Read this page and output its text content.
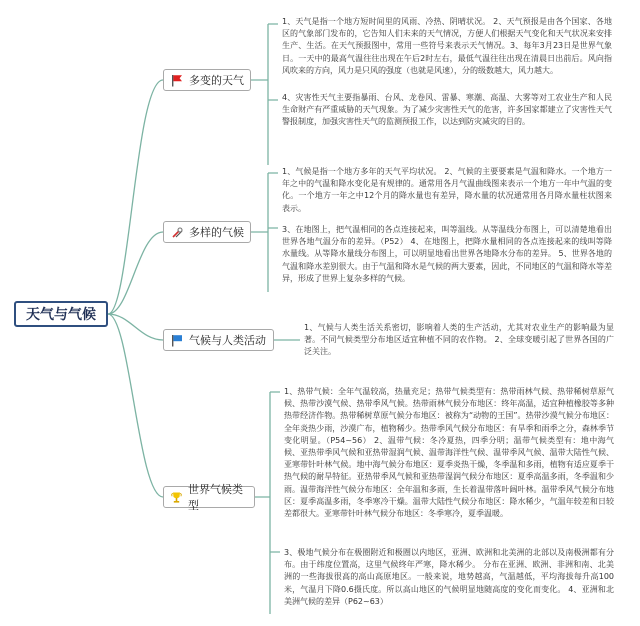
天气与气候
多变的天气

1、天气是指一个地方短时间里的风雨、冷热、阴晴状况。 2、天气预报是由各个国家、各地区的气象部门发布的，它告知人们未来的天气情况，方便人们根据天气变化和天气状况来安排生产、生活。在天气预报图中，常用一些符号来表示天气情况。3、每年3月23日是世界气象日。一天中的最高气温往往出现在午后2时左右，最低气温往往出现在清晨日出前后。风向指风吹来的方向，风力是只风的强度（也就是风速），分的级数越大，风力越大。

4、灾害性天气主要指暴雨、台风、龙卷风、雷暴、寒潮、高温、大雾等对工农业生产和人民生命财产有严重威胁的天气现象。为了减少灾害性天气的危害，许多国家都建立了灾害性天气警报制度，加强灾害性天气的监测预报工作，以达到防灾减灾的目的。

多样的气候

1、气候是指一个地方多年的天气平均状况。 2、气候的主要要素是气温和降水。一个地方一年之中的气温和降水变化是有规律的。通常用各月气温曲线图来表示一个地方一年中气温的变化。一个地方一年之中12个月的降水量也有差异，降水量的状况通常用各月降水量柱状图来表示。

3、在地图上，把气温相同的各点连接起来，叫等温线。从等温线分布图上，可以清楚地看出世界各地气温分布的差异。（P52） 4、在地图上，把降水量相同的各点连接起来的线叫等降水量线。从等降水量线分布图上，可以明显地看出世界各地降水分布的差异。 5、世界各地的气温和降水差别很大。由于气温和降水是气候的两大要素，因此，不同地区的气温和降水等差异，形成了世界上复杂多样的气候。

气候与人类活动

1、气候与人类生活关系密切，影响着人类的生产活动，尤其对农业生产的影响最为显著。不同气候类型分布地区适宜种植不同的农作物。 2、全球变暖引起了世界各国的广泛关注。

世界气候类型

1、热带气候：全年气温较高，热量充足；热带气候类型有：热带雨林气候、热带稀树草原气候、热带沙漠气候、热带季风气候。热带雨林气候分布地区：终年高温，适宜种植橡胶等多种热带经济作物。热带稀树草原气候分布地区：被称为“动物的王国”。热带沙漠气候分布地区：全年炎热少雨，沙漠广布，植物稀少。热带季风气候分布地区：有旱季和雨季之分，森林季节变化明显。（P54~56） 2、温带气候：冬冷夏热，四季分明；温带气候类型有：地中海气候、亚热带季风气候和亚热带湿润气候、温带海洋性气候、温带季风气候、温带大陆性气候、亚寒带针叶林气候。地中海气候分布地区：夏季炎热干燥，冬季温和多雨，植物有适应夏季干热气候的耐旱特征。亚热带季风气候和亚热带湿润气候分布地区：夏季高温多雨，冬季温和少雨。温带海洋性气候分布地区：全年温和多雨，生长着温带落叶阔叶林。温带季风气候分布地区：夏季高温多雨，冬季寒冷干燥。温带大陆性气候分布地区：降水稀少，气温年较差和日较差都很大。亚寒带针叶林气候分布地区：冬季寒冷，夏季温暖。

3、极地气候分布在极圈附近和极圈以内地区，亚洲、欧洲和北美洲的北部以及南极洲都有分布。由于纬度位置高，这里气候终年严寒，降水稀少。 分布在亚洲、欧洲、非洲和南、北美洲的一些海拔很高的高山高原地区。一般来说，地势越高，气温越低，平均海拔每升高100米，气温月下降0.6摄氏度。所以高山地区的气候明显地随高度的变化而变化。 4、亚洲和北美洲气候的差异（P62~63）
